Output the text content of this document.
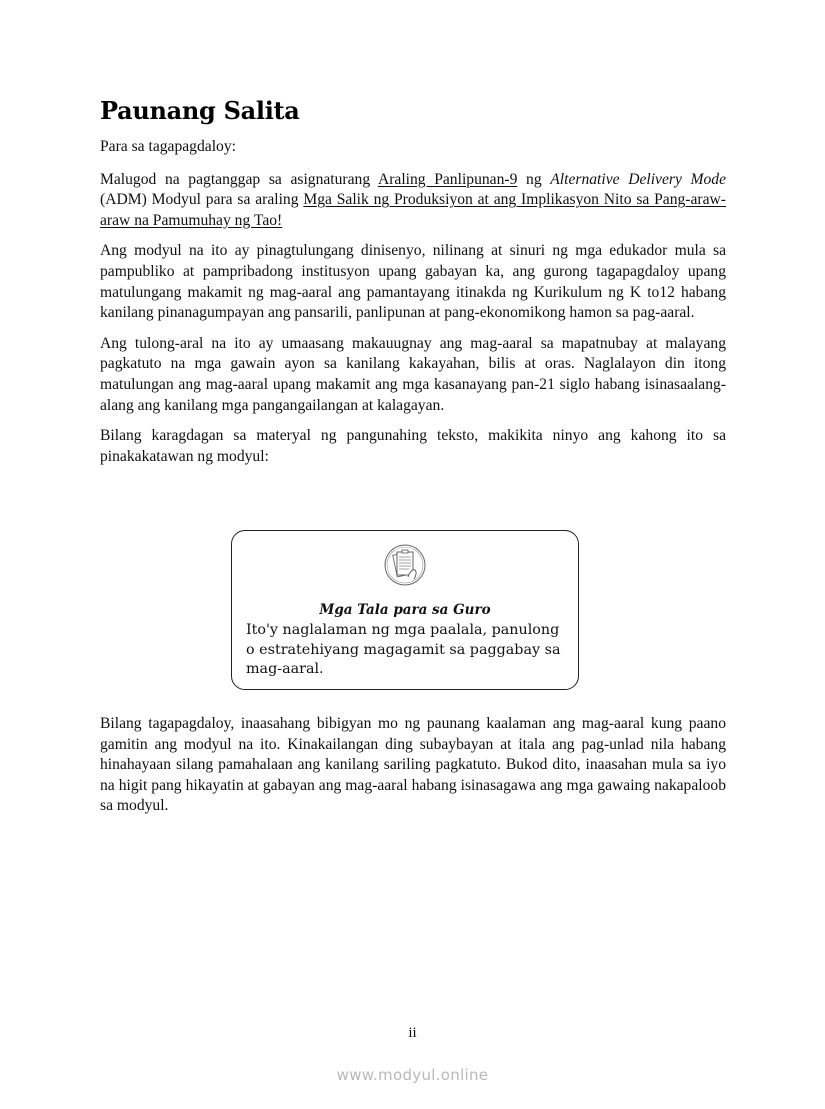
Paunang Salita

Para sa tagapagdaloy:

Malugod na pagtanggap sa asignaturang Araling Panlipunan-9 ng Alternative Delivery Mode (ADM) Modyul para sa araling Mga Salik ng Produksiyon at ang Implikasyon Nito sa Pang-araw-araw na Pamumuhay ng Tao!

Ang modyul na ito ay pinagtulungang dinisenyo, nilinang at sinuri ng mga edukador mula sa pampubliko at pampribadong institusyon upang gabayan ka, ang gurong tagapagdaloy upang matulungang makamit ng mag-aaral ang pamantayang itinakda ng Kurikulum ng K to12 habang kanilang pinanagumpayan ang pansarili, panlipunan at pang-ekonomikong hamon sa pag-aaral.

Ang tulong-aral na ito ay umaasang makauugnay ang mag-aaral sa mapatnubay at malayang pagkatuto na mga gawain ayon sa kanilang kakayahan, bilis at oras. Naglalayon din itong matulungan ang mag-aaral upang makamit ang mga kasanayang pan-21 siglo habang isinasaalang-alang ang kanilang mga pangangailangan at kalagayan.

Bilang karagdagan sa materyal ng pangunahing teksto, makikita ninyo ang kahong ito sa pinakakatawan ng modyul:

Mga Tala para sa Guro

Ito'y naglalaman ng mga paalala, panulong o estratehiyang magagamit sa paggabay sa mag-aaral.

Bilang tagapagdaloy, inaasahang bibigyan mo ng paunang kaalaman ang mag-aaral kung paano gamitin ang modyul na ito. Kinakailangan ding subaybayan at itala ang pag-unlad nila habang hinahayaan silang pamahalaan ang kanilang sariling pagkatuto. Bukod dito, inaasahan mula sa iyo na higit pang hikayatin at gabayan ang mag-aaral habang isinasagawa ang mga gawaing nakapaloob sa modyul.

ii
www.modyul.online
